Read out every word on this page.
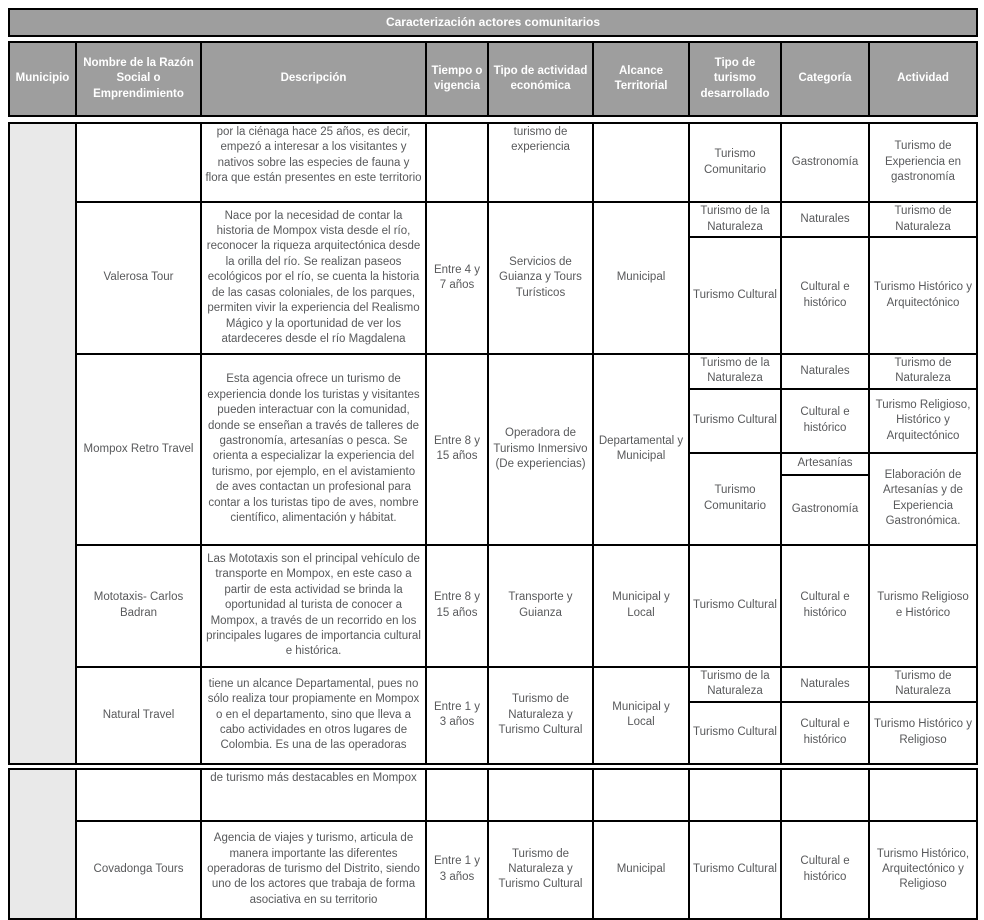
Caracterización actores comunitarios
Municipio	Nombre de la Razón Social o Emprendimiento	Descripción	Tiempo o vigencia	Tipo de actividad económica	Alcance Territorial	Tipo de turismo desarrollado	Categoría	Actividad
		por la ciénaga hace 25 años, es decir, empezó a interesar a los visitantes y nativos sobre las especies de fauna y flora que están presentes en este territorio		turismo de experiencia		Turismo Comunitario	Gastronomía	Turismo de Experiencia en gastronomía
	Valerosa Tour	Nace por la necesidad de contar la historia de Mompox vista desde el río, reconocer la riqueza arquitectónica desde la orilla del río. Se realizan paseos ecológicos por el río, se cuenta la historia de las casas coloniales, de los parques, permiten vivir la experiencia del Realismo Mágico y la oportunidad de ver los atardeceres desde el río Magdalena	Entre 4 y 7 años	Servicios de Guianza y Tours Turísticos	Municipal	Turismo de la Naturaleza	Naturales	Turismo de Naturaleza
						Turismo Cultural	Cultural e histórico	Turismo Histórico y Arquitectónico
	Mompox Retro Travel	Esta agencia ofrece un turismo de experiencia donde los turistas y visitantes pueden interactuar con la comunidad, donde se enseñan a través de talleres de gastronomía, artesanías o pesca. Se orienta a especializar la experiencia del turismo, por ejemplo, en el avistamiento de aves contactan un profesional para contar a los turistas tipo de aves, nombre científico, alimentación y hábitat.	Entre 8 y 15 años	Operadora de Turismo Inmersivo (De experiencias)	Departamental y Municipal	Turismo de la Naturaleza	Naturales	Turismo de Naturaleza
						Turismo Cultural	Cultural e histórico	Turismo Religioso, Histórico y Arquitectónico
						Turismo Comunitario	Artesanías	Elaboración de Artesanías y de Experiencia Gastronómica.
							Gastronomía	
	Mototaxis- Carlos Badran	Las Mototaxis son el principal vehículo de transporte en Mompox, en este caso a partir de esta actividad se brinda la oportunidad al turista de conocer a Mompox, a través de un recorrido en los principales lugares de importancia cultural e histórica.	Entre 8 y 15 años	Transporte y Guianza	Municipal y Local	Turismo Cultural	Cultural e histórico	Turismo Religioso e Histórico
	Natural Travel	tiene un alcance Departamental, pues no sólo realiza tour propiamente en Mompox o en el departamento, sino que lleva a cabo actividades en otros lugares de Colombia. Es una de las operadoras	Entre 1 y 3 años	Turismo de Naturaleza y Turismo Cultural	Municipal y Local	Turismo de la Naturaleza	Naturales	Turismo de Naturaleza
						Turismo Cultural	Cultural e histórico	Turismo Histórico y Religioso
		de turismo más destacables en Mompox						
	Covadonga Tours	Agencia de viajes y turismo, articula de manera importante las diferentes operadoras de turismo del Distrito, siendo uno de los actores que trabaja de forma asociativa en su territorio	Entre 1 y 3 años	Turismo de Naturaleza y Turismo Cultural	Municipal	Turismo Cultural	Cultural e histórico	Turismo Histórico, Arquitectónico y Religioso
